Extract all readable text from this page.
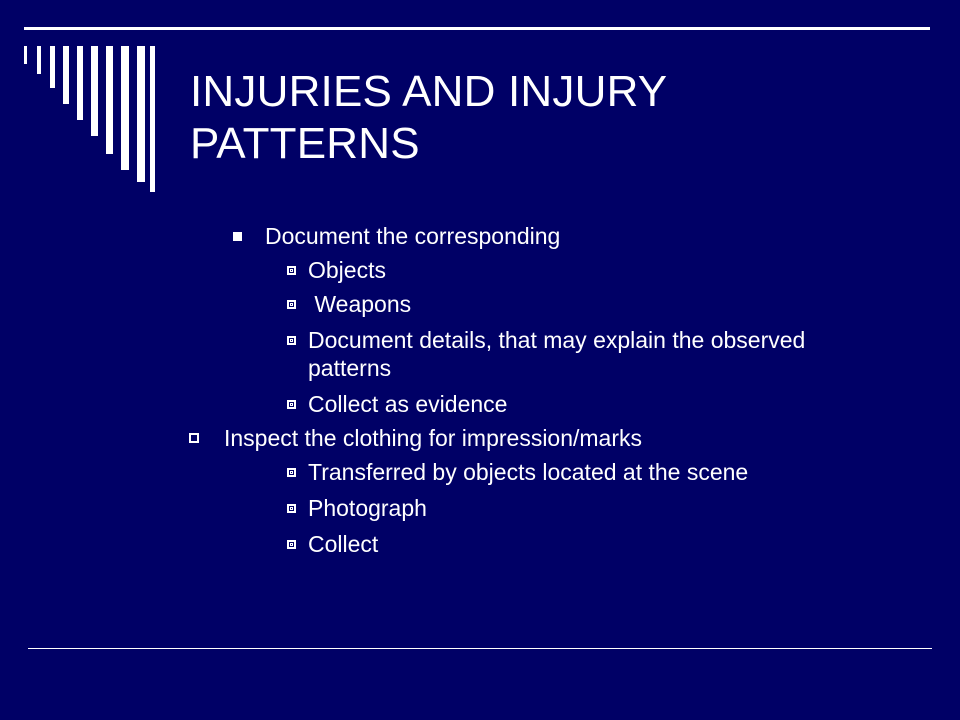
INJURIES AND INJURY
PATTERNS
Document the corresponding
Objects
Weapons
Document details, that may explain the observed
patterns
Collect as evidence
Inspect the clothing for impression/marks
Transferred by objects located at the scene
Photograph
Collect
